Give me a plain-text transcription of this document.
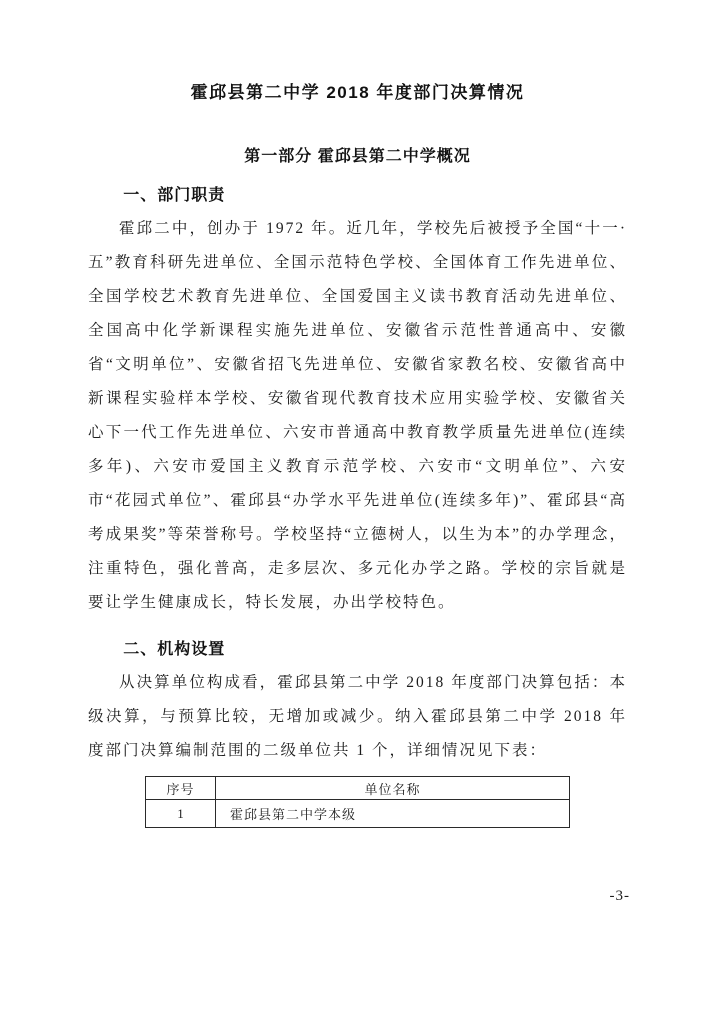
霍邱县第二中学 2018 年度部门决算情况
第一部分 霍邱县第二中学概况
一、部门职责

霍邱二中，创办于 1972 年。近几年，学校先后被授予全国“十一·五”教育科研先进单位、全国示范特色学校、全国体育工作先进单位、全国学校艺术教育先进单位、全国爱国主义读书教育活动先进单位、全国高中化学新课程实施先进单位、安徽省示范性普通高中、安徽省“文明单位”、安徽省招飞先进单位、安徽省家教名校、安徽省高中新课程实验样本学校、安徽省现代教育技术应用实验学校、安徽省关心下一代工作先进单位、六安市普通高中教育教学质量先进单位(连续多年)、六安市爱国主义教育示范学校、六安市“文明单位”、六安市“花园式单位”、霍邱县“办学水平先进单位(连续多年)”、霍邱县“高考成果奖”等荣誉称号。学校坚持“立德树人，以生为本”的办学理念，注重特色，强化普高，走多层次、多元化办学之路。学校的宗旨就是要让学生健康成长，特长发展，办出学校特色。

二、机构设置

从决算单位构成看，霍邱县第二中学 2018 年度部门决算包括：本级决算，与预算比较，无增加或减少。纳入霍邱县第二中学 2018 年度部门决算编制范围的二级单位共 1 个，详细情况见下表：

序号	单位名称
1	霍邱县第二中学本级
-3-
